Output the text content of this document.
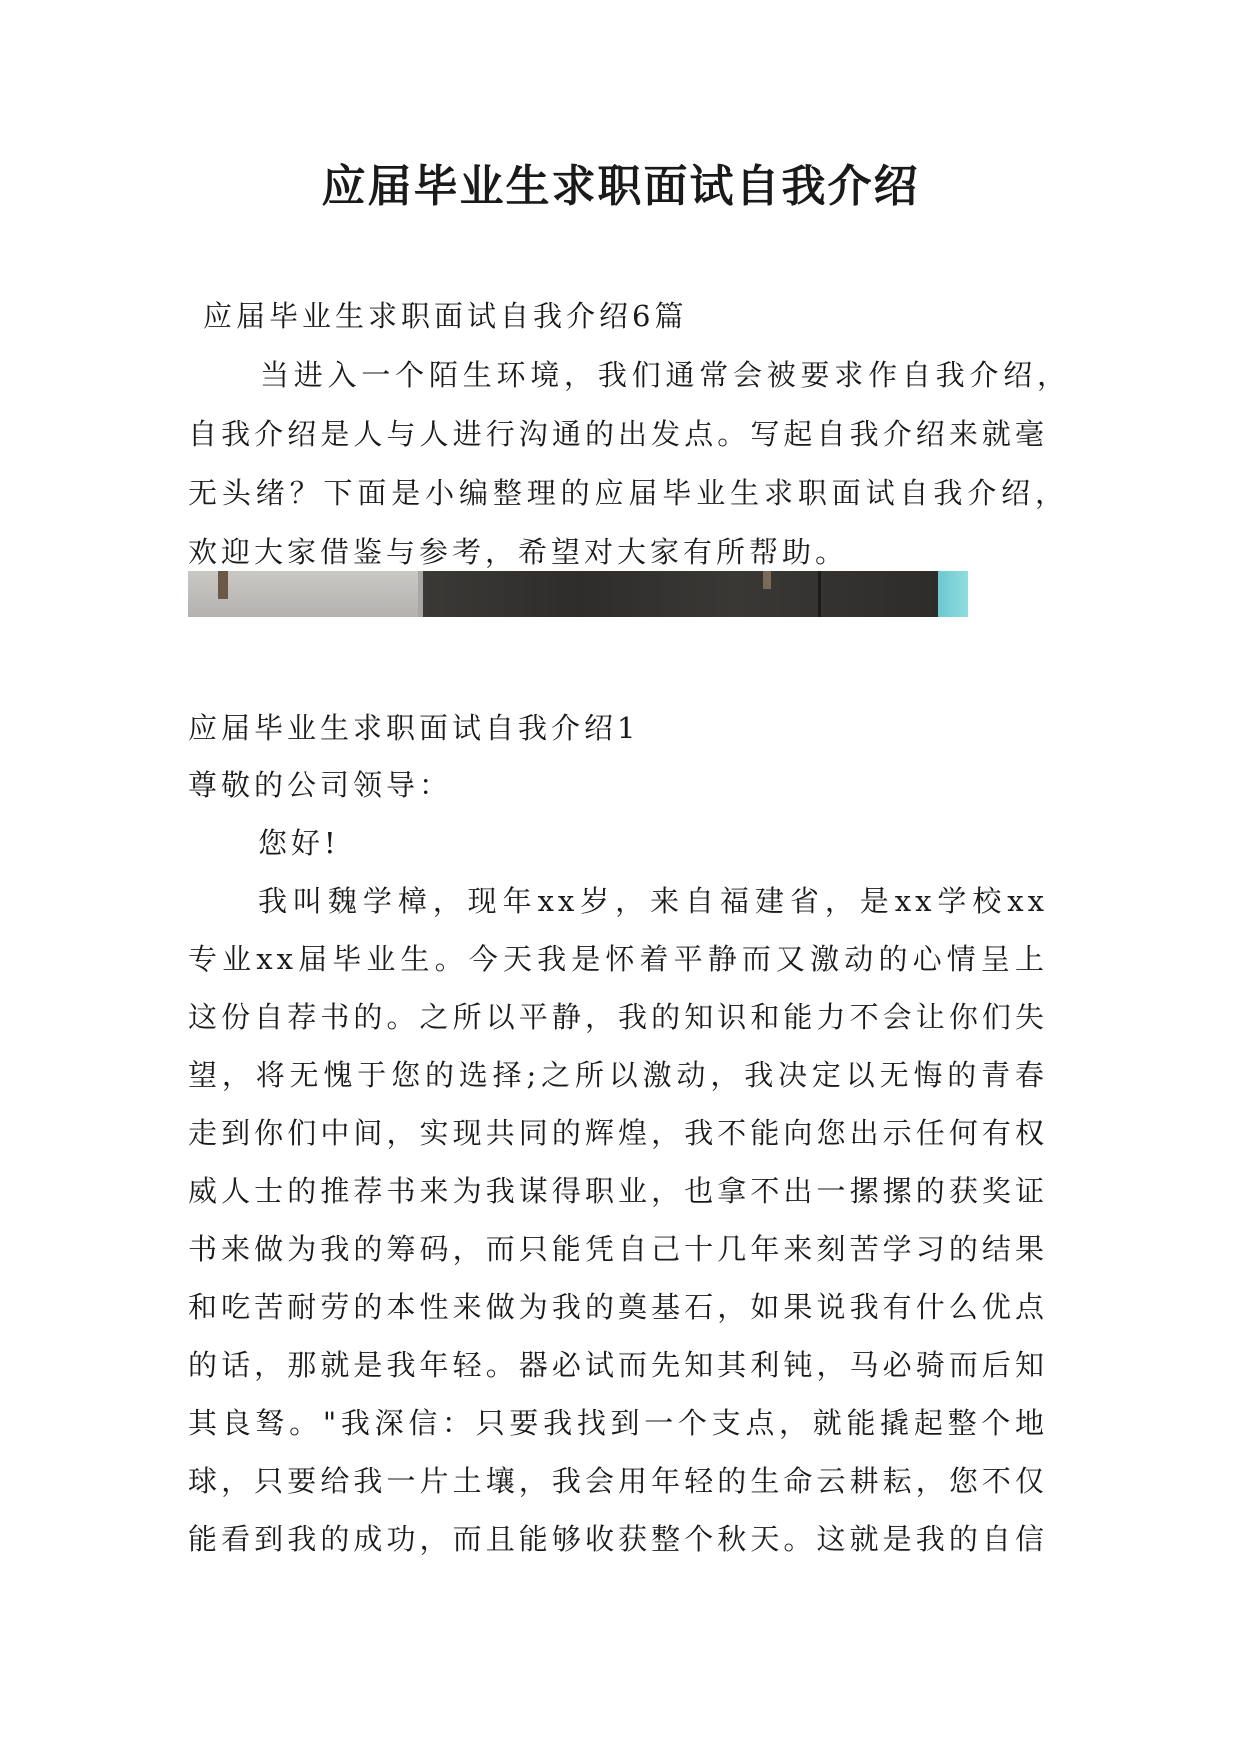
应届毕业生求职面试自我介绍
应届毕业生求职面试自我介绍6篇
当进入一个陌生环境，我们通常会被要求作自我介绍，
自我介绍是人与人进行沟通的出发点。写起自我介绍来就毫
无头绪？下面是小编整理的应届毕业生求职面试自我介绍，
欢迎大家借鉴与参考，希望对大家有所帮助。
应届毕业生求职面试自我介绍1
尊敬的公司领导：
您好!
我叫魏学樟，现年xx岁，来自福建省，是xx学校xx
专业xx届毕业生。今天我是怀着平静而又激动的心情呈上
这份自荐书的。之所以平静，我的知识和能力不会让你们失
望，将无愧于您的选择;之所以激动，我决定以无悔的青春
走到你们中间，实现共同的辉煌，我不能向您出示任何有权
威人士的推荐书来为我谋得职业，也拿不出一摞摞的获奖证
书来做为我的筹码，而只能凭自己十几年来刻苦学习的结果
和吃苦耐劳的本性来做为我的奠基石，如果说我有什么优点
的话，那就是我年轻。器必试而先知其利钝，马必骑而后知
其良驽。"我深信：只要我找到一个支点，就能撬起整个地
球，只要给我一片土壤，我会用年轻的生命云耕耘，您不仅
能看到我的成功，而且能够收获整个秋天。这就是我的自信
